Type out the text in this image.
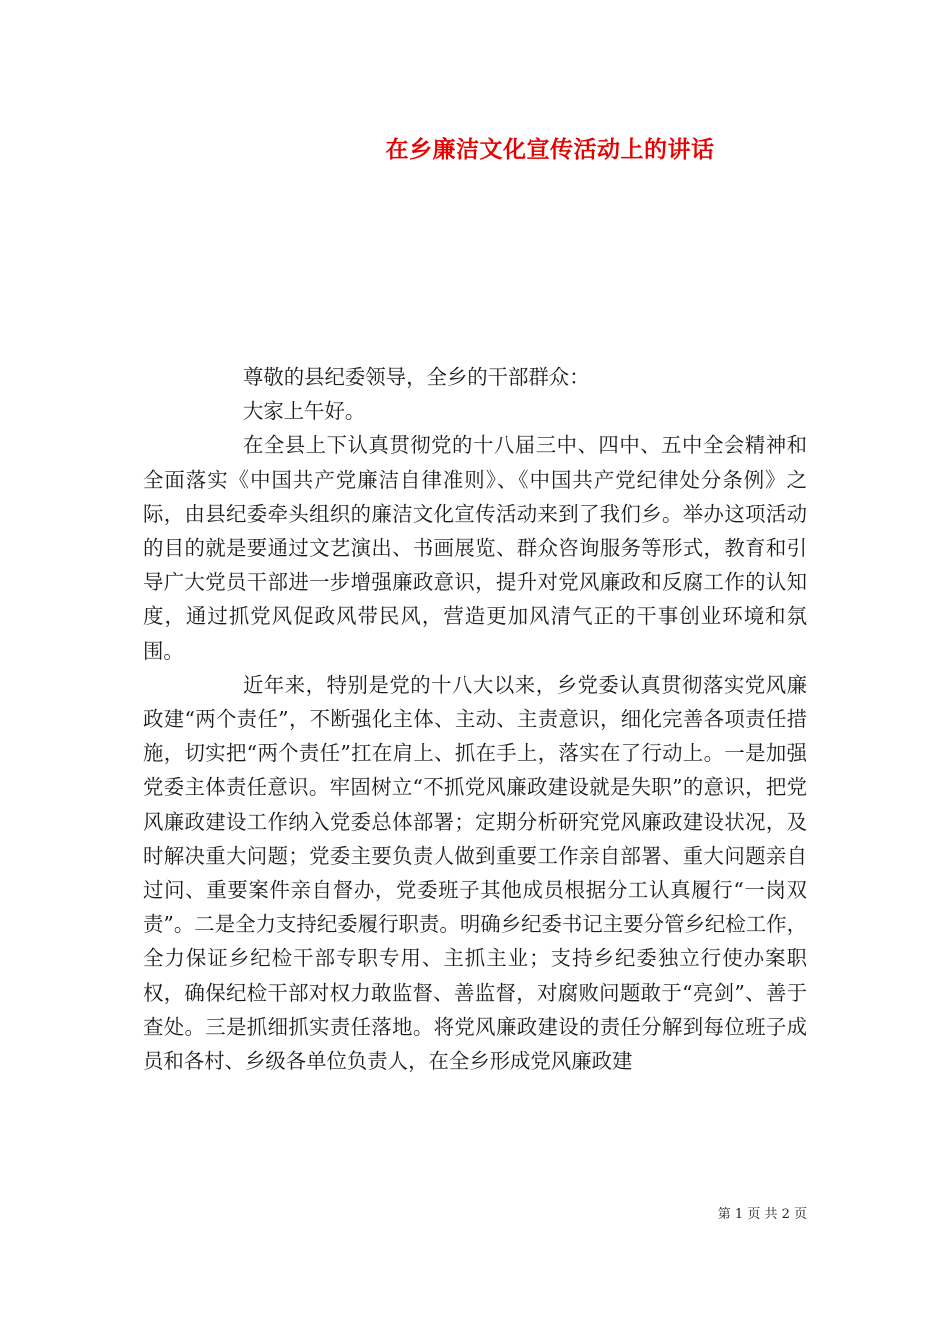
在乡廉洁文化宣传活动上的讲话

尊敬的县纪委领导，全乡的干部群众：

大家上午好。

在全县上下认真贯彻党的十八届三中、四中、五中全会精神和全面落实《中国共产党廉洁自律准则》、《中国共产党纪律处分条例》之际，由县纪委牵头组织的廉洁文化宣传活动来到了我们乡。举办这项活动的目的就是要通过文艺演出、书画展览、群众咨询服务等形式，教育和引导广大党员干部进一步增强廉政意识，提升对党风廉政和反腐工作的认知度，通过抓党风促政风带民风，营造更加风清气正的干事创业环境和氛围。

近年来，特别是党的十八大以来，乡党委认真贯彻落实党风廉政建“两个责任”，不断强化主体、主动、主责意识，细化完善各项责任措施，切实把“两个责任”扛在肩上、抓在手上，落实在了行动上。一是加强党委主体责任意识。牢固树立“不抓党风廉政建设就是失职”的意识，把党风廉政建设工作纳入党委总体部署；定期分析研究党风廉政建设状况，及时解决重大问题；党委主要负责人做到重要工作亲自部署、重大问题亲自过问、重要案件亲自督办，党委班子其他成员根据分工认真履行“一岗双责”。二是全力支持纪委履行职责。明确乡纪委书记主要分管乡纪检工作，全力保证乡纪检干部专职专用、主抓主业；支持乡纪委独立行使办案职权，确保纪检干部对权力敢监督、善监督，对腐败问题敢于“亮剑”、善于查处。三是抓细抓实责任落地。将党风廉政建设的责任分解到每位班子成员和各村、乡级各单位负责人，在全乡形成党风廉政建

第 1 页 共 2 页
